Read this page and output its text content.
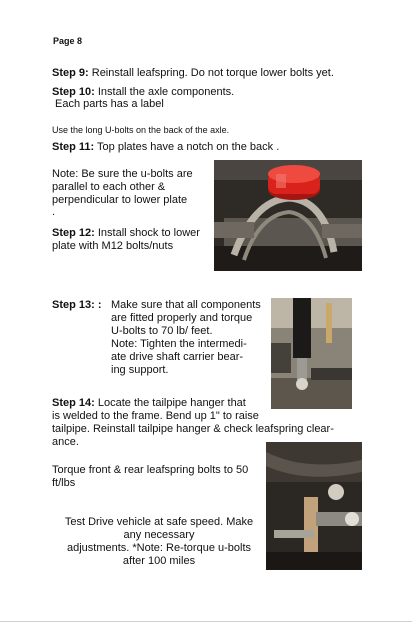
Page 8
Step 9: Reinstall leafspring. Do not torque lower bolts yet.
Step 10: Install the axle components.
Each parts has a label
Use the long U-bolts on the back of the axle.
Step 11: Top plates have a notch on the back .
Note: Be sure the u-bolts are
parallel to each other &
perpendicular to lower plate
.
Step 12: Install shock to lower
plate with M12 bolts/nuts
Step 13: : Make sure that all components
are fitted properly and torque
U-bolts to 70 lb/ feet.
Note: Tighten the intermedi-
ate drive shaft carrier bear-
ing support.
Step 14: Locate the tailpipe hanger that
is welded to the frame. Bend up 1" to raise
tailpipe. Reinstall tailpipe hanger & check leafspring clear-
ance.
Torque front & rear leafspring bolts to 50
ft/lbs
Test Drive vehicle at safe speed. Make
any necessary
adjustments. *Note: Re-torque u-bolts
after 100 miles
